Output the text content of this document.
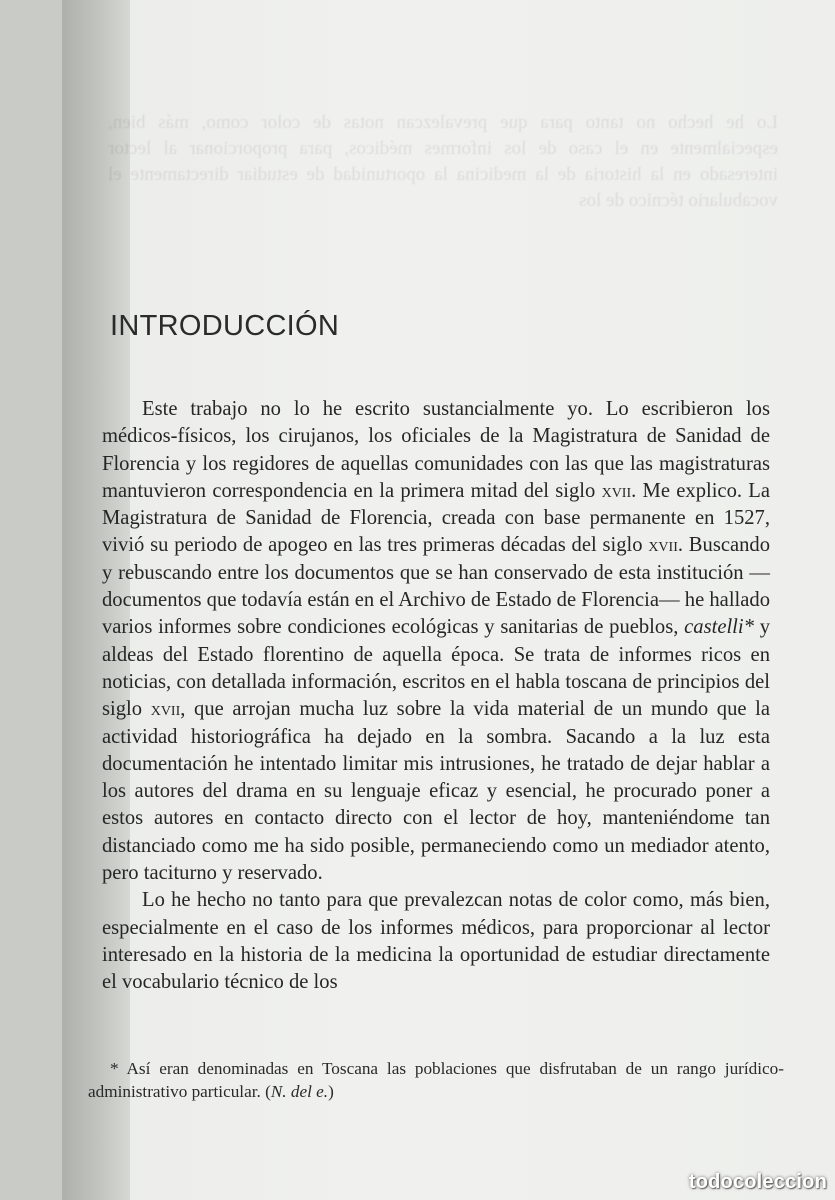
Lo he hecho no tanto para que prevalezcan notas de color como, más bien, especialmente en el caso de los informes médicos, para proporcionar al lector interesado en la historia de la medicina la oportunidad de estudiar directamente el vocabulario técnico de los
INTRODUCCIÓN

Este trabajo no lo he escrito sustancialmente yo. Lo escribieron los médicos-físicos, los cirujanos, los oficiales de la Magistratura de Sanidad de Florencia y los regidores de aquellas comunidades con las que las magistraturas mantuvieron correspondencia en la primera mitad del siglo xvii. Me explico. La Magistratura de Sanidad de Florencia, creada con base permanente en 1527, vivió su periodo de apogeo en las tres primeras décadas del siglo xvii. Buscando y rebuscando entre los documentos que se han conservado de esta institución —documentos que todavía están en el Archivo de Estado de Florencia— he hallado varios informes sobre condiciones ecológicas y sanitarias de pueblos, castelli* y aldeas del Estado florentino de aquella época. Se trata de informes ricos en noticias, con detallada información, escritos en el habla toscana de principios del siglo xvii, que arrojan mucha luz sobre la vida material de un mundo que la actividad historiográfica ha dejado en la sombra. Sacando a la luz esta documentación he intentado limitar mis intrusiones, he tratado de dejar hablar a los autores del drama en su lenguaje eficaz y esencial, he procurado poner a estos autores en contacto directo con el lector de hoy, manteniéndome tan distanciado como me ha sido posible, permaneciendo como un mediador atento, pero taciturno y reservado.

Lo he hecho no tanto para que prevalezcan notas de color como, más bien, especialmente en el caso de los informes médicos, para proporcionar al lector interesado en la historia de la medicina la oportunidad de estudiar directamente el vocabulario técnico de los

* Así eran denominadas en Toscana las poblaciones que disfrutaban de un rango jurídico-administrativo particular. (N. del e.)

todocoleccion
